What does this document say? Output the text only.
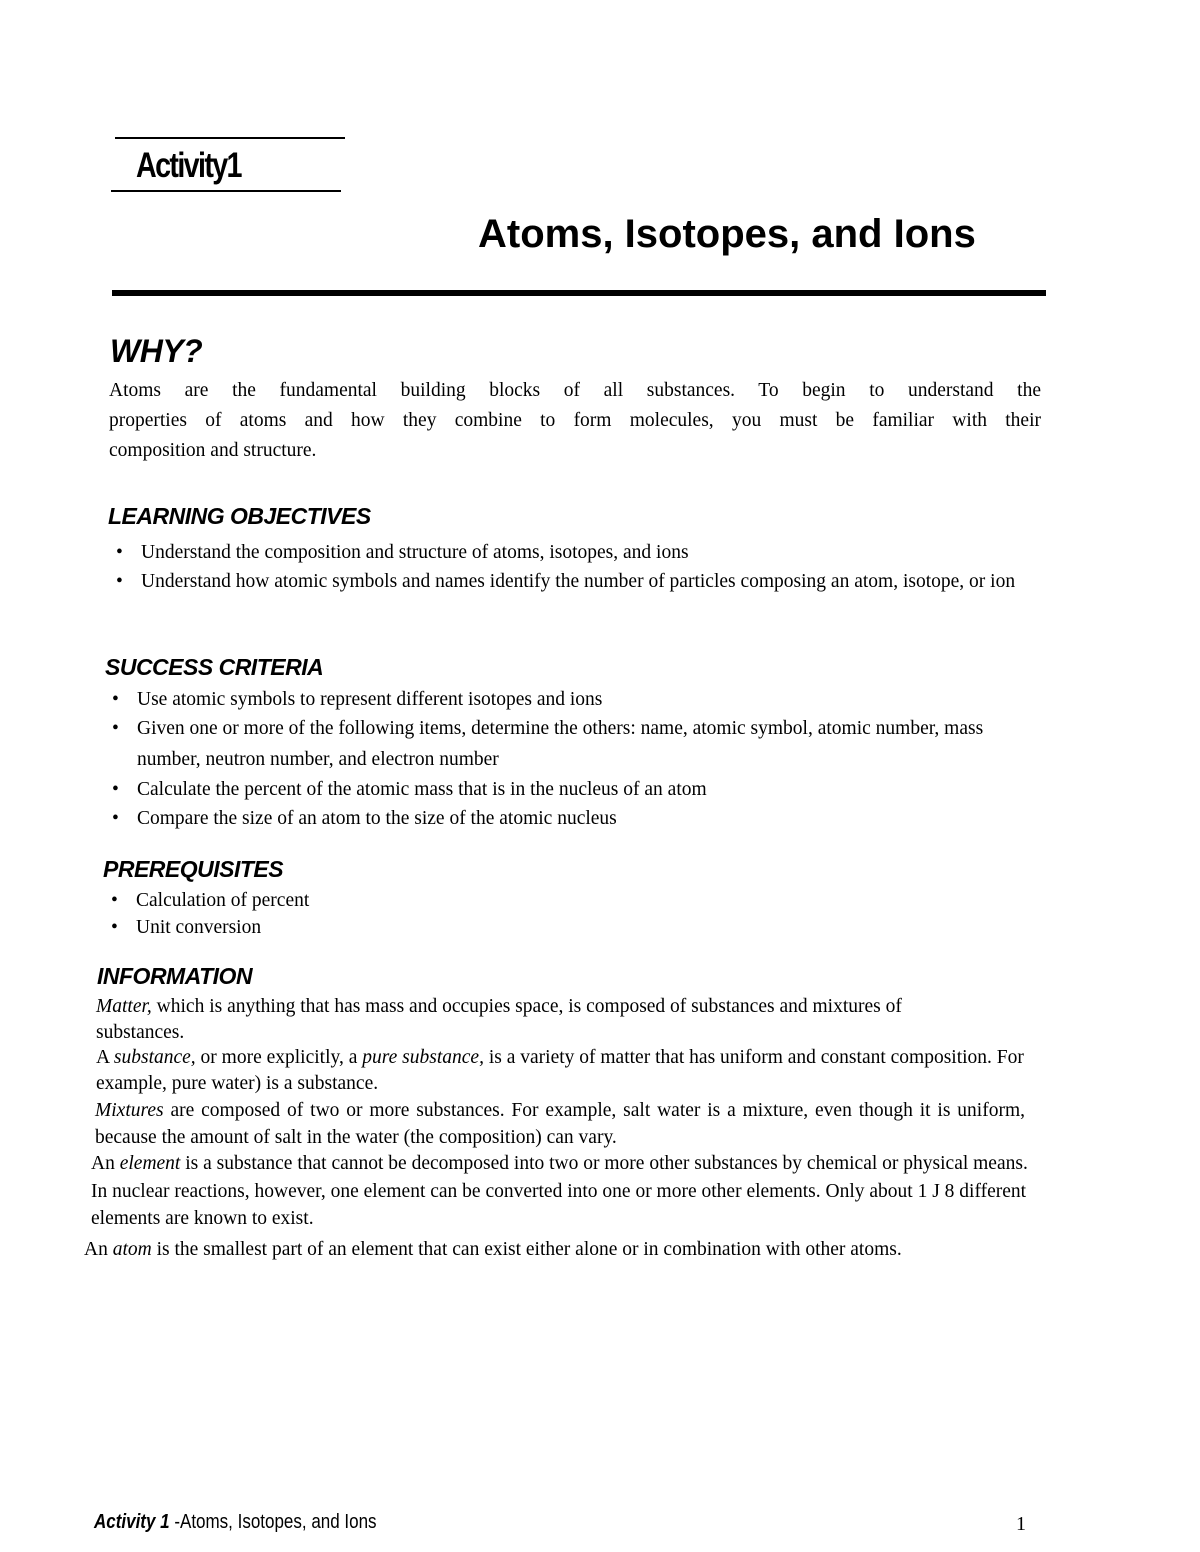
Activity1
Atoms, Isotopes, and Ions
WHY?
Atoms are the fundamental building blocks of all substances. To begin to understand the
properties of atoms and how they combine to form molecules, you must be familiar with their
composition and structure.
LEARNING OBJECTIVES
• Understand the composition and structure of atoms, isotopes, and ions
• Understand how atomic symbols and names identify the number of particles composing an atom, isotope, or ion
SUCCESS CRITERIA
• Use atomic symbols to represent different isotopes and ions
• Given one or more of the following items, determine the others: name, atomic symbol, atomic number, mass number, neutron number, and electron number
• Calculate the percent of the atomic mass that is in the nucleus of an atom
• Compare the size of an atom to the size of the atomic nucleus
PREREQUISITES
• Calculation of percent
• Unit conversion
INFORMATION

Matter, which is anything that has mass and occupies space, is composed of substances and mixtures of substances.

A substance, or more explicitly, a pure substance, is a variety of matter that has uniform and constant composition. For example, pure water) is a substance.

Mixtures are composed of two or more substances. For example, salt water is a mixture, even though it is uniform, because the amount of salt in the water (the composition) can vary.

An element is a substance that cannot be decomposed into two or more other substances by chemical or physical means. In nuclear reactions, however, one element can be converted into one or more other elements. Only about 1 J 8 different elements are known to exist.

An atom is the smallest part of an element that can exist either alone or in combination with other atoms.

Activity 1 -Atoms, Isotopes, and Ions	1
